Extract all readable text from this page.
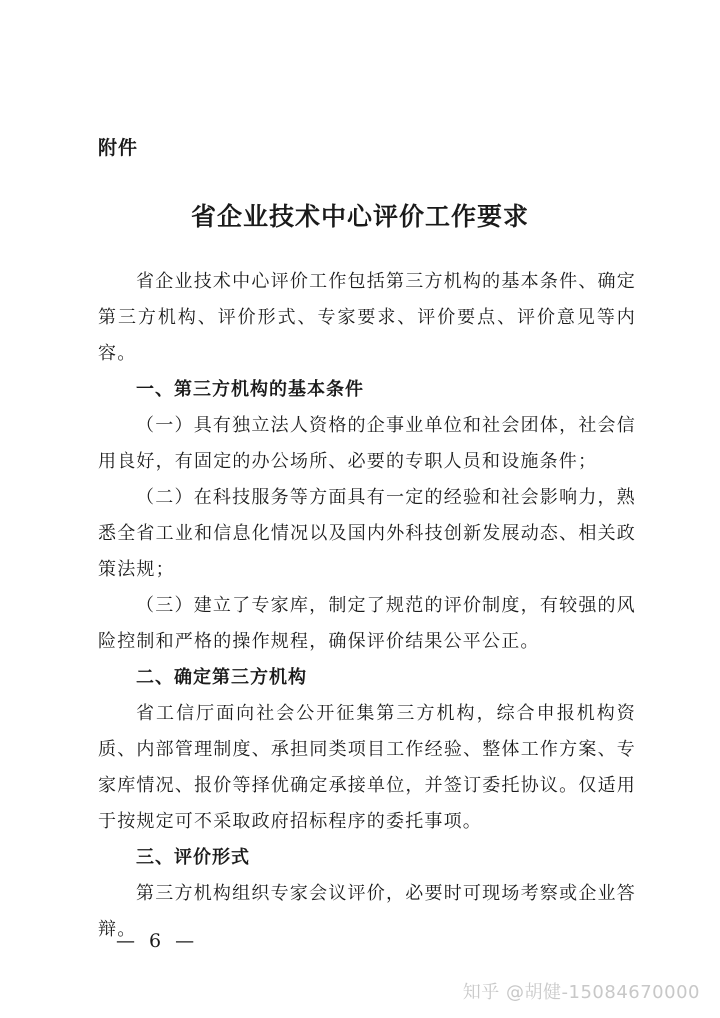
附件
省企业技术中心评价工作要求

省企业技术中心评价工作包括第三方机构的基本条件、确定第三方机构、评价形式、专家要求、评价要点、评价意见等内容。

一、第三方机构的基本条件

（一）具有独立法人资格的企事业单位和社会团体，社会信用良好，有固定的办公场所、必要的专职人员和设施条件；

（二）在科技服务等方面具有一定的经验和社会影响力，熟悉全省工业和信息化情况以及国内外科技创新发展动态、相关政策法规；

（三）建立了专家库，制定了规范的评价制度，有较强的风险控制和严格的操作规程，确保评价结果公平公正。

二、确定第三方机构

省工信厅面向社会公开征集第三方机构，综合申报机构资质、内部管理制度、承担同类项目工作经验、整体工作方案、专家库情况、报价等择优确定承接单位，并签订委托协议。仅适用于按规定可不采取政府招标程序的委托事项。

三、评价形式

第三方机构组织专家会议评价，必要时可现场考察或企业答辩。

— 6 —
知乎 @胡健-15084670000
